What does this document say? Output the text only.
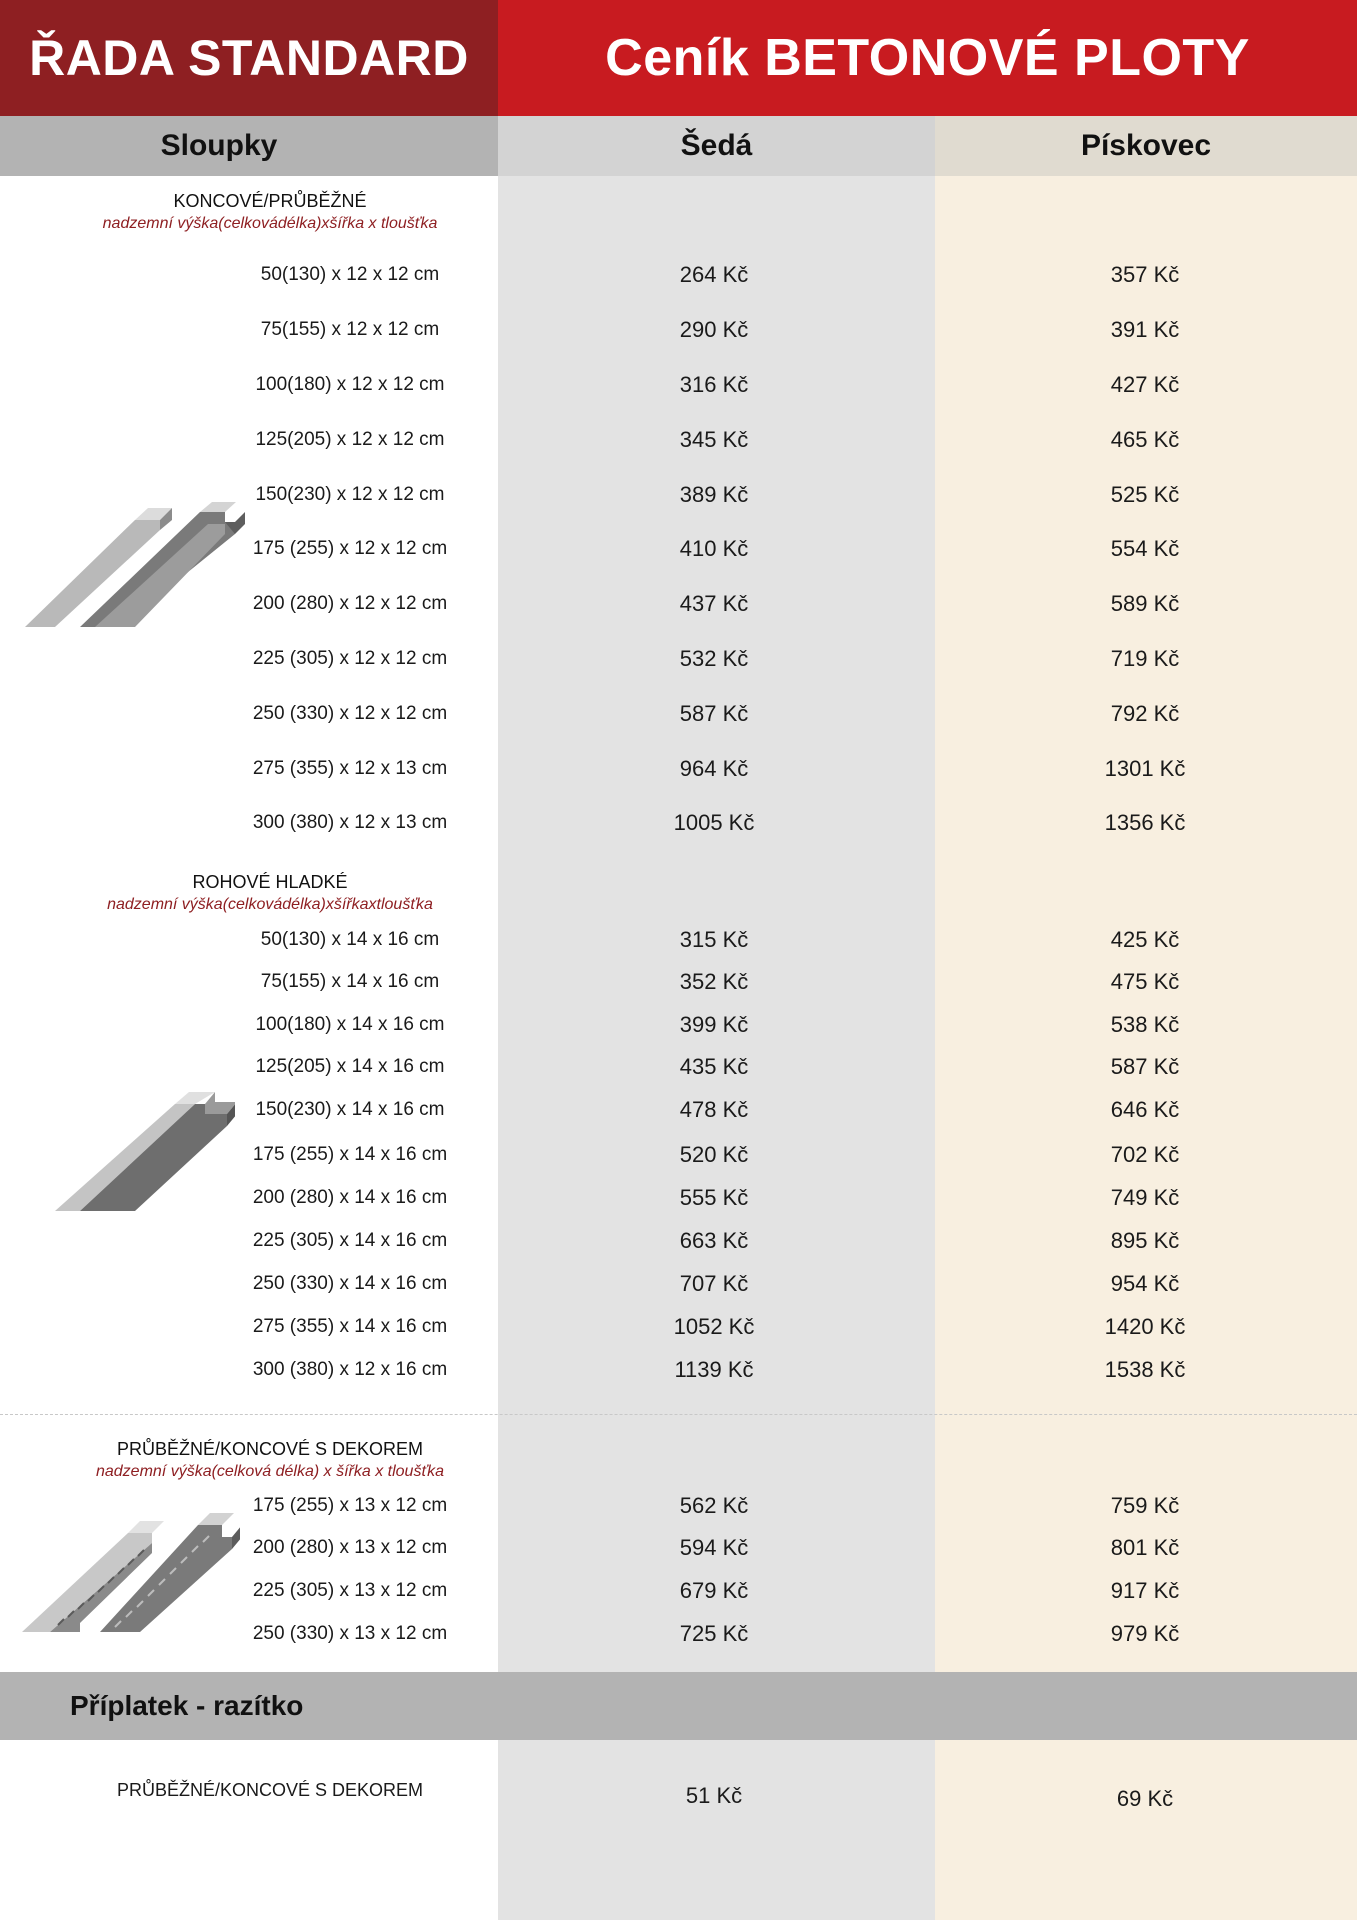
ŘADA STANDARD	Ceník BETONOVÉ PLOTY
Sloupky	Šedá	Pískovec
KONCOVÉ/PRŮBĚŽNÉ
nadzemní výška(celkovádélka)xšířka x tloušťka
50(130) x 12 x 12 cm	264 Kč	357 Kč
75(155) x 12 x 12 cm	290 Kč	391 Kč
100(180) x 12 x 12 cm	316 Kč	427 Kč
125(205) x 12 x 12 cm	345 Kč	465 Kč
150(230) x 12 x 12 cm	389 Kč	525 Kč
175 (255) x 12 x 12 cm	410 Kč	554 Kč
200 (280) x 12 x 12 cm	437 Kč	589 Kč
225 (305) x 12 x 12 cm	532 Kč	719 Kč
250 (330) x 12 x 12 cm	587 Kč	792 Kč
275 (355) x 12 x 13 cm	964 Kč	1301 Kč
300 (380) x 12 x 13 cm	1005 Kč	1356 Kč
ROHOVÉ HLADKÉ
nadzemní výška(celkovádélka)xšířkaxtloušťka
50(130) x 14 x 16 cm	315 Kč	425 Kč
75(155) x 14 x 16 cm	352 Kč	475 Kč
100(180) x 14 x 16 cm	399 Kč	538 Kč
125(205) x 14 x 16 cm	435 Kč	587 Kč
150(230) x 14 x 16 cm	478 Kč	646 Kč
175 (255) x 14 x 16 cm	520 Kč	702 Kč
200 (280) x 14 x 16 cm	555 Kč	749 Kč
225 (305) x 14 x 16 cm	663 Kč	895 Kč
250 (330) x 14 x 16 cm	707 Kč	954 Kč
275 (355) x 14 x 16 cm	1052 Kč	1420 Kč
300 (380) x 12 x 16 cm	1139 Kč	1538 Kč
PRŮBĚŽNÉ/KONCOVÉ S DEKOREM
nadzemní výška(celková délka) x šířka x tloušťka
175 (255) x 13 x 12 cm	562 Kč	759 Kč
200 (280) x 13 x 12 cm	594 Kč	801 Kč
225 (305) x 13 x 12 cm	679 Kč	917 Kč
250 (330) x 13 x 12 cm	725 Kč	979 Kč
Příplatek - razítko
PRŮBĚŽNÉ/KONCOVÉ S DEKOREM	51 Kč	69 Kč
